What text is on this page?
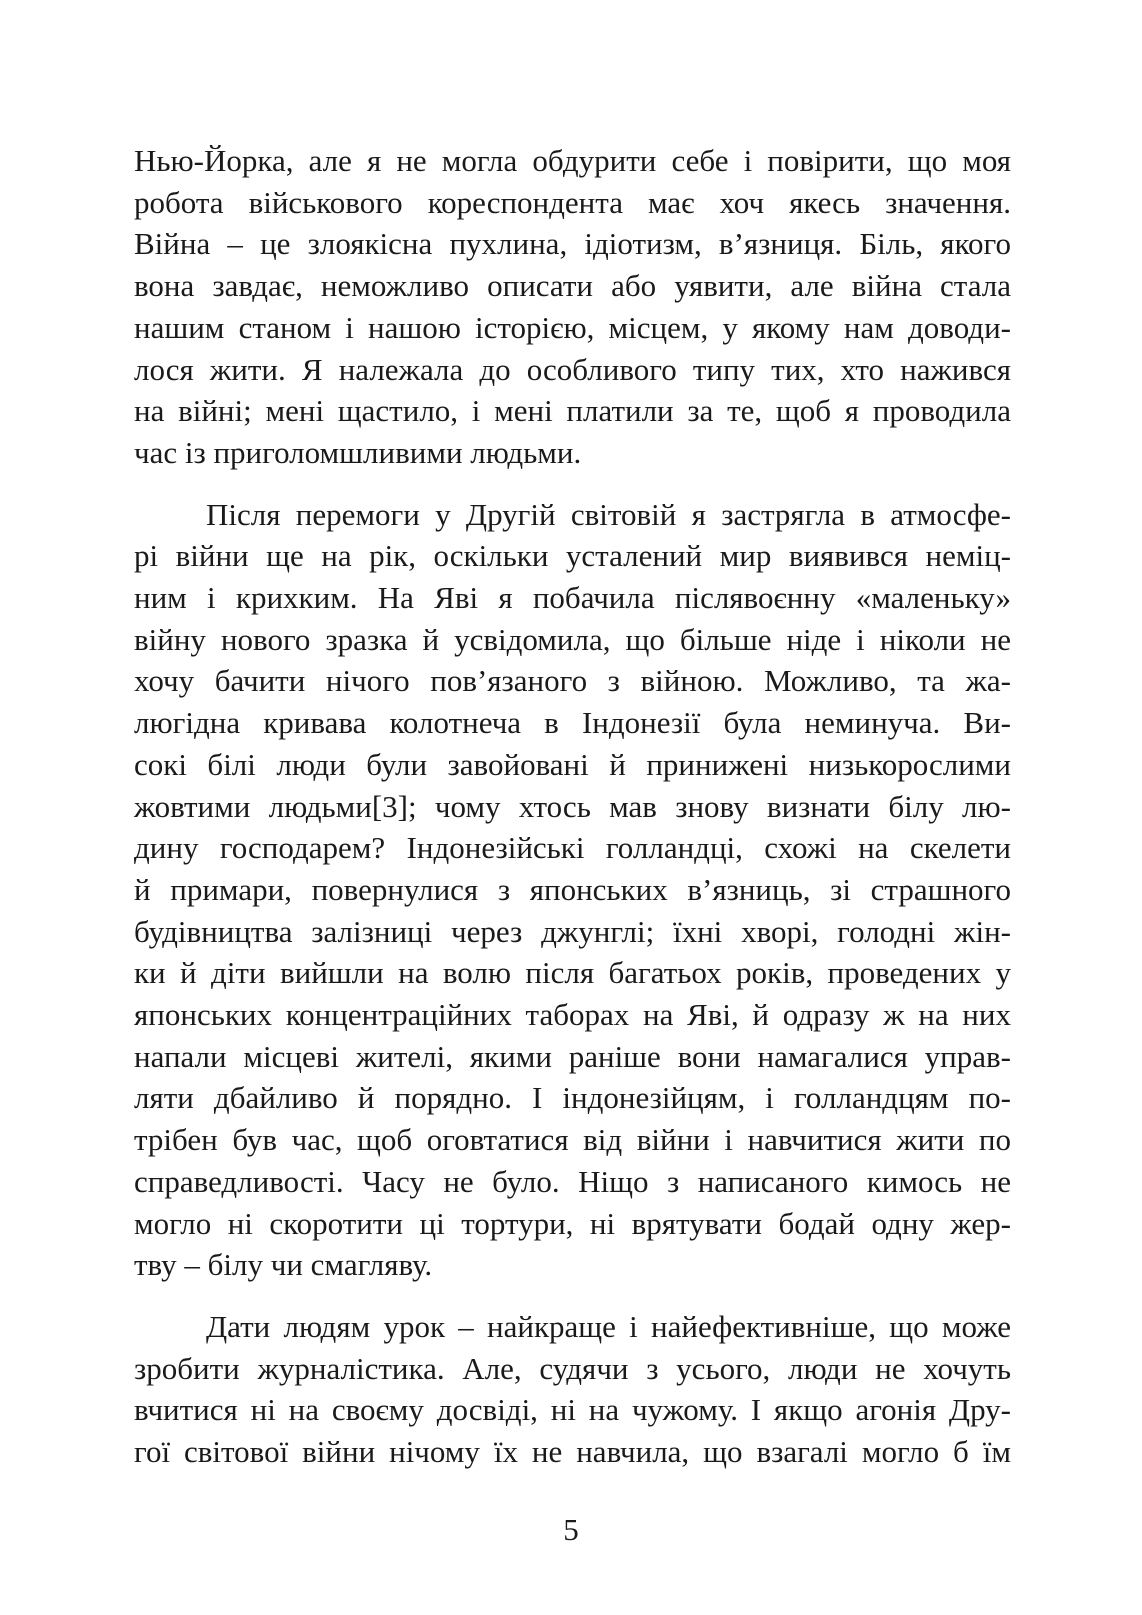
Нью-Йорка, але я не могла обдурити себе і повірити, що моя
робота військового кореспондента має хоч якесь значення.
Війна – це злоякісна пухлина, ідіотизм, в’язниця. Біль, якого
вона завдає, неможливо описати або уявити, але війна стала
нашим станом і нашою історією, місцем, у якому нам доводи-
лося жити. Я належала до особливого типу тих, хто нажився
на війні; мені щастило, і мені платили за те, щоб я проводила
час із приголомшливими людьми.

Після перемоги у Другій світовій я застрягла в атмосфе-
рі війни ще на рік, оскільки усталений мир виявився неміц-
ним і крихким. На Яві я побачила післявоєнну «маленьку»
війну нового зразка й усвідомила, що більше ніде і ніколи не
хочу бачити нічого пов’язаного з війною. Можливо, та жа-
люгідна кривава колотнеча в Індонезії була неминуча. Ви-
сокі білі люди були завойовані й принижені низькорослими
жовтими людьми[3]; чому хтось мав знову визнати білу лю-
дину господарем? Індонезійські голландці, схожі на скелети
й примари, повернулися з японських в’язниць, зі страшного
будівництва залізниці через джунглі; їхні хворі, голодні жін-
ки й діти вийшли на волю після багатьох років, проведених у
японських концентраційних таборах на Яві, й одразу ж на них
напали місцеві жителі, якими раніше вони намагалися управ-
ляти дбайливо й порядно. І індонезійцям, і голландцям по-
трібен був час, щоб оговтатися від війни і навчитися жити по
справедливості. Часу не було. Ніщо з написаного кимось не
могло ні скоротити ці тортури, ні врятувати бодай одну жер-
тву – білу чи смагляву.

Дати людям урок – найкраще і найефективніше, що може
зробити журналістика. Але, судячи з усього, люди не хочуть
вчитися ні на своєму досвіді, ні на чужому. І якщо агонія Дру-
гої світової війни нічому їх не навчила, що взагалі могло б їм

5
